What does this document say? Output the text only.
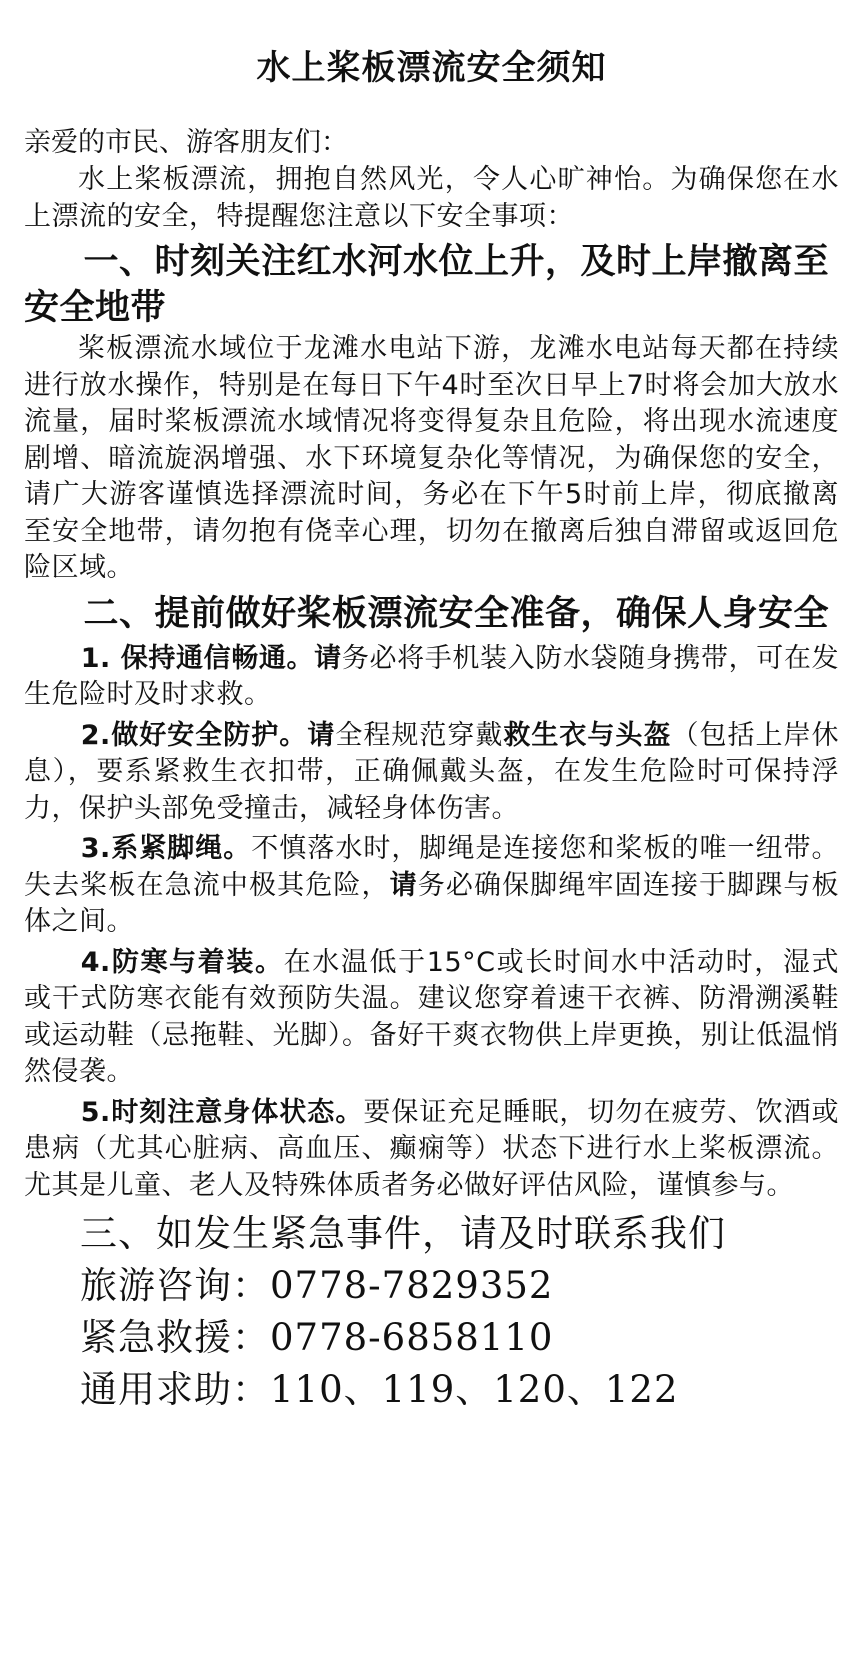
水上桨板漂流安全须知
亲爱的市民、游客朋友们：

水上桨板漂流，拥抱自然风光，令人心旷神怡。为确保您在水上漂流的安全，特提醒您注意以下安全事项：

一、时刻关注红水河水位上升，及时上岸撤离至安全地带

桨板漂流水域位于龙滩水电站下游，龙滩水电站每天都在持续进行放水操作，特别是在每日下午4时至次日早上7时将会加大放水流量，届时桨板漂流水域情况将变得复杂且危险，将出现水流速度剧增、暗流旋涡增强、水下环境复杂化等情况，为确保您的安全，请广大游客谨慎选择漂流时间，务必在下午5时前上岸，彻底撤离至安全地带，请勿抱有侥幸心理，切勿在撤离后独自滞留或返回危险区域。

二、提前做好桨板漂流安全准备，确保人身安全

1. 保持通信畅通。请务必将手机装入防水袋随身携带，可在发生危险时及时求救。

2.做好安全防护。请全程规范穿戴救生衣与头盔（包括上岸休息），要系紧救生衣扣带，正确佩戴头盔，在发生危险时可保持浮力，保护头部免受撞击，减轻身体伤害。

3.系紧脚绳。不慎落水时，脚绳是连接您和桨板的唯一纽带。失去桨板在急流中极其危险，请务必确保脚绳牢固连接于脚踝与板体之间。

4.防寒与着装。在水温低于15°C或长时间水中活动时，湿式或干式防寒衣能有效预防失温。建议您穿着速干衣裤、防滑溯溪鞋或运动鞋（忌拖鞋、光脚）。备好干爽衣物供上岸更换，别让低温悄然侵袭。

5.时刻注意身体状态。要保证充足睡眠，切勿在疲劳、饮酒或患病（尤其心脏病、高血压、癫痫等）状态下进行水上桨板漂流。尤其是儿童、老人及特殊体质者务必做好评估风险，谨慎参与。

三、如发生紧急事件，请及时联系我们
旅游咨询：0778-7829352
紧急救援：0778-6858110
通用求助：110、119、120、122
